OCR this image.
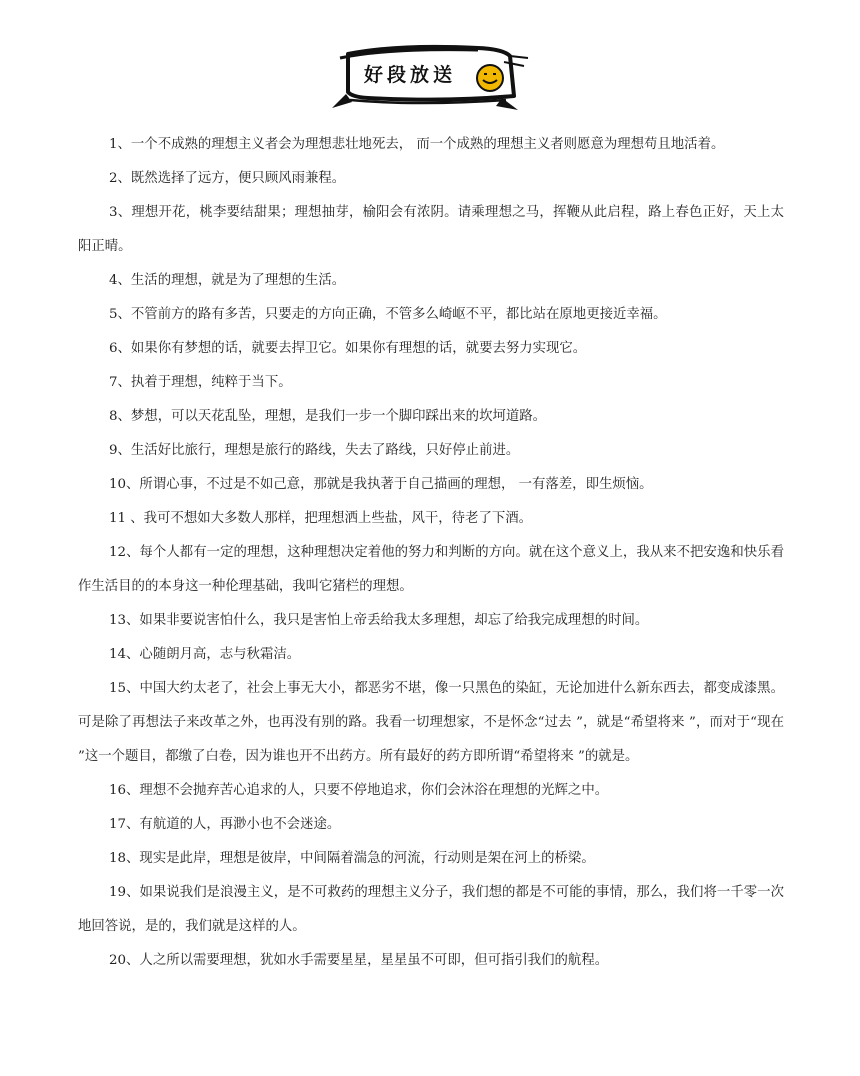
好段放送

1、一个不成熟的理想主义者会为理想悲壮地死去， 而一个成熟的理想主义者则愿意为理想苟且地活着。

2、既然选择了远方，便只顾风雨兼程。

3、理想开花，桃李要结甜果；理想抽芽，榆阳会有浓阴。请乘理想之马，挥鞭从此启程，路上春色正好，天上太阳正晴。

4、生活的理想，就是为了理想的生活。

5、不管前方的路有多苦，只要走的方向正确，不管多么崎岖不平，都比站在原地更接近幸福。

6、如果你有梦想的话，就要去捍卫它。如果你有理想的话，就要去努力实现它。

7、执着于理想，纯粹于当下。

8、梦想，可以天花乱坠，理想，是我们一步一个脚印踩出来的坎坷道路。

9、生活好比旅行，理想是旅行的路线，失去了路线，只好停止前进。

10、所谓心事，不过是不如己意，那就是我执著于自己描画的理想， 一有落差，即生烦恼。

11 、我可不想如大多数人那样，把理想洒上些盐，风干，待老了下酒。

12、每个人都有一定的理想，这种理想决定着他的努力和判断的方向。就在这个意义上，我从来不把安逸和快乐看作生活目的的本身这一种伦理基础，我叫它猪栏的理想。

13、如果非要说害怕什么，我只是害怕上帝丢给我太多理想，却忘了给我完成理想的时间。

14、心随朗月高，志与秋霜洁。

15、中国大约太老了，社会上事无大小，都恶劣不堪，像一只黑色的染缸，无论加进什么新东西去，都变成漆黑。可是除了再想法子来改革之外，也再没有别的路。我看一切理想家，不是怀念“过去 ”，就是“希望将来 ”，而对于“现在 ”这一个题目，都缴了白卷，因为谁也开不出药方。所有最好的药方即所谓“希望将来 ”的就是。

16、理想不会抛弃苦心追求的人，只要不停地追求，你们会沐浴在理想的光辉之中。

17、有航道的人，再渺小也不会迷途。

18、现实是此岸，理想是彼岸，中间隔着湍急的河流，行动则是架在河上的桥梁。

19、如果说我们是浪漫主义，是不可救药的理想主义分子，我们想的都是不可能的事情，那么，我们将一千零一次地回答说，是的，我们就是这样的人。

20、人之所以需要理想，犹如水手需要星星，星星虽不可即，但可指引我们的航程。
